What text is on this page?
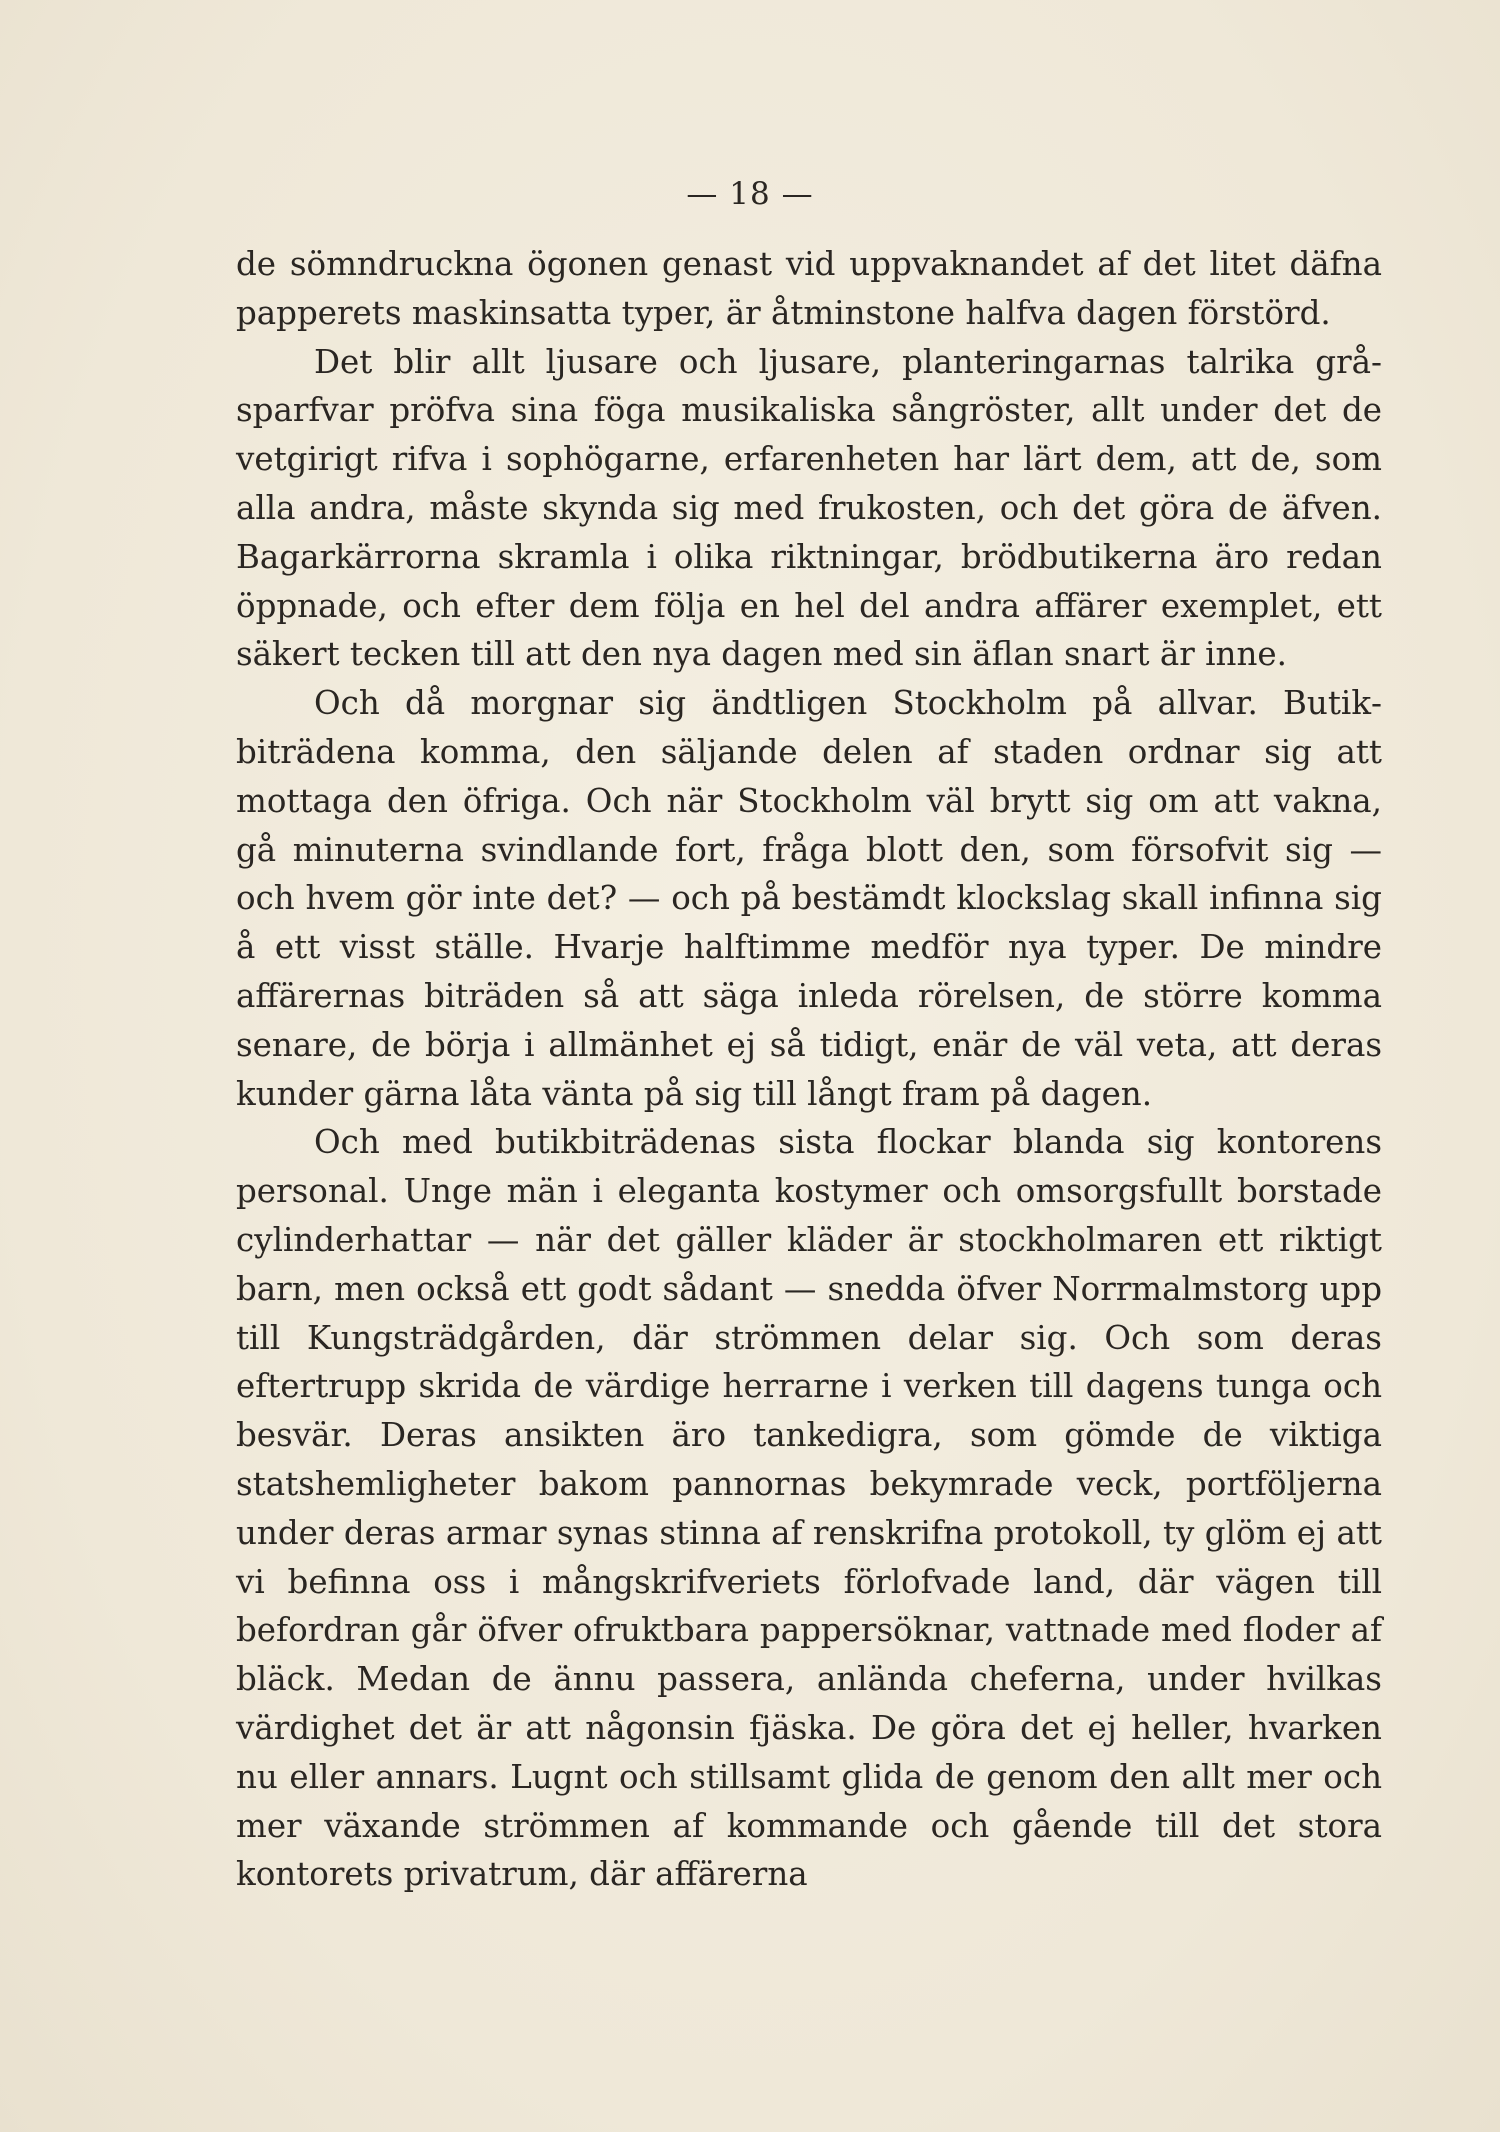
— 18 —

de sömndruckna ögonen genast vid uppvaknandet af det litet däfna papperets maskinsatta typer, är åtminstone halfva dagen förstörd.

Det blir allt ljusare och ljusare, planteringarnas talrika gråsparfvar pröfva sina föga musikaliska sångröster, allt under det de vetgirigt rifva i sophögarne, erfarenheten har lärt dem, att de, som alla andra, måste skynda sig med frukosten, och det göra de äfven. Bagarkärrorna skramla i olika riktningar, brödbutikerna äro redan öppnade, och efter dem följa en hel del andra affärer exemplet, ett säkert tecken till att den nya dagen med sin äflan snart är inne.

Och då morgnar sig ändtligen Stockholm på allvar. Butikbiträdena komma, den säljande delen af staden ordnar sig att mottaga den öfriga. Och när Stockholm väl brytt sig om att vakna, gå minuterna svindlande fort, fråga blott den, som försofvit sig — och hvem gör inte det? — och på bestämdt klockslag skall infinna sig å ett visst ställe. Hvarje halftimme medför nya typer. De mindre affärernas biträden så att säga inleda rörelsen, de större komma senare, de börja i allmänhet ej så tidigt, enär de väl veta, att deras kunder gärna låta vänta på sig till långt fram på dagen.

Och med butikbiträdenas sista flockar blanda sig kontorens personal. Unge män i eleganta kostymer och omsorgsfullt borstade cylinderhattar — när det gäller kläder är stockholmaren ett riktigt barn, men också ett godt sådant — snedda öfver Norrmalmstorg upp till Kungsträdgården, där strömmen delar sig. Och som deras eftertrupp skrida de värdige herrarne i verken till dagens tunga och besvär. Deras ansikten äro tankedigra, som gömde de viktiga statshemligheter bakom pannornas bekymrade veck, portföljerna under deras armar synas stinna af renskrifna protokoll, ty glöm ej att vi befinna oss i mångskrifveriets förlofvade land, där vägen till befordran går öfver ofruktbara pappersöknar, vattnade med floder af bläck. Medan de ännu passera, anlända cheferna, under hvilkas värdighet det är att någonsin fjäska. De göra det ej heller, hvarken nu eller annars. Lugnt och stillsamt glida de genom den allt mer och mer växande strömmen af kommande och gående till det stora kontorets privatrum, där affärerna
